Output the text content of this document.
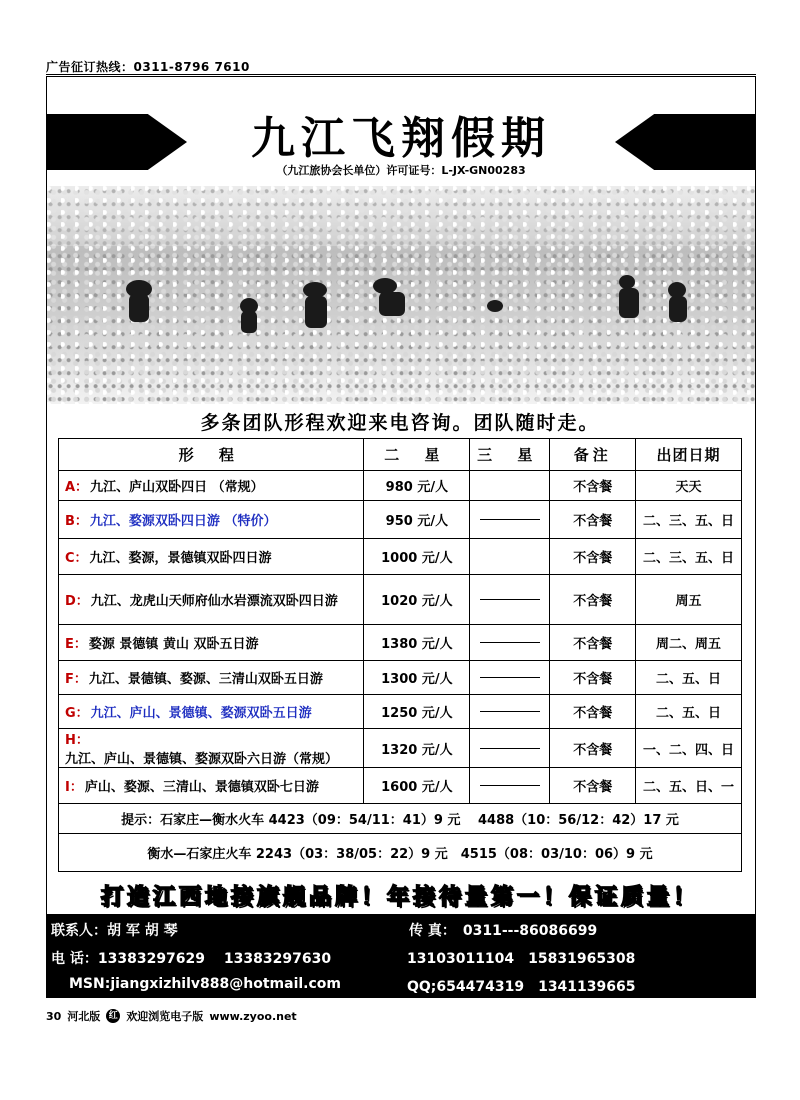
广告征订热线：0311-8796 7610
九江飞翔假期
（九江旅协会长单位）许可证号：L-JX-GN00283
多条团队形程欢迎来电咨询。团队随时走。
形 程	二 星	三 星	备注	出团日期
A： 九江、庐山双卧四日 （常规）	980 元/人		不含餐	天天
B： 九江、婺源双卧四日游 （特价）	950 元/人		不含餐	二、三、五、日
C： 九江、婺源，景德镇双卧四日游	1000 元/人		不含餐	二、三、五、日
D： 九江、龙虎山天师府仙水岩漂流双卧四日游	1020 元/人		不含餐	周五
E： 婺源 景德镇 黄山 双卧五日游	1380 元/人		不含餐	周二、周五
F： 九江、景德镇、婺源、三清山双卧五日游	1300 元/人		不含餐	二、五、日
G： 九江、庐山、景德镇、婺源双卧五日游	1250 元/人		不含餐	二、五、日
H：九江、庐山、景德镇、婺源双卧六日游（常规）	1320 元/人		不含餐	一、二、四、日
I： 庐山、婺源、三清山、景德镇双卧七日游	1600 元/人		不含餐	二、五、日、一
提示：石家庄—衡水火车 4423（09：54/11：41）9 元　 4488（10：56/12：42）17 元				
衡水—石家庄火车 2243（03：38/05：22）9 元　4515（08：03/10：06）9 元				
打造江西地接旗舰品牌！年接待量第一！保证质量！
联系人：胡 军 胡 琴	传 真：　0311---86086699
电 话：13383297629　 13383297630	13103011104　15831965308
MSN:jiangxizhilv888@hotmail.com	QQ;654474319　1341139665
30 河北版 红 欢迎浏览电子版 www.zyoo.net
